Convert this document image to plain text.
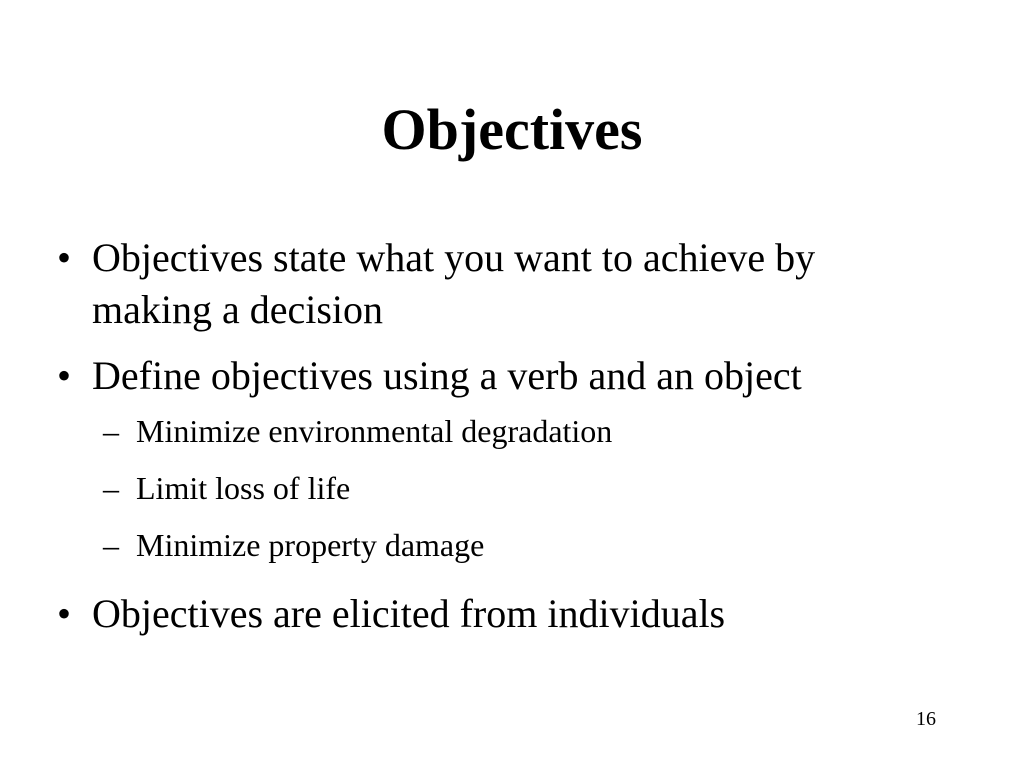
Objectives
• Objectives state what you want to achieve by making a decision
• Define objectives using a verb and an object
– Minimize environmental degradation
– Limit loss of life
– Minimize property damage
• Objectives are elicited from individuals
16
